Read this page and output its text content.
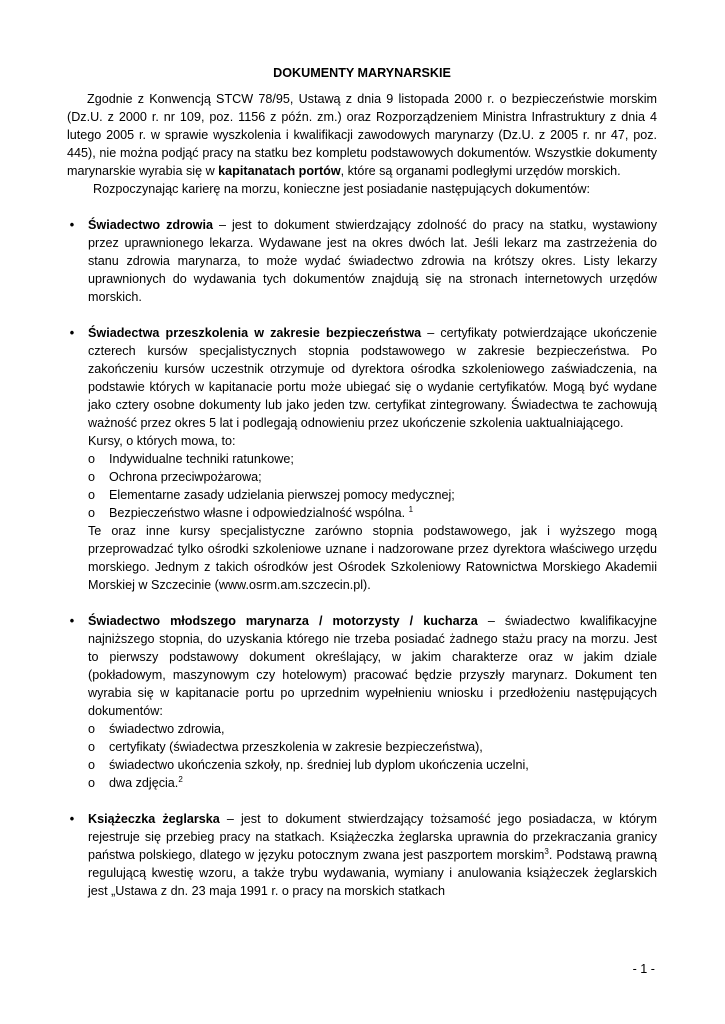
DOKUMENTY MARYNARSKIE

Zgodnie z Konwencją STCW 78/95, Ustawą z dnia 9 listopada 2000 r. o bezpieczeństwie morskim (Dz.U. z 2000 r. nr 109, poz. 1156 z późn. zm.) oraz Rozporządzeniem Ministra Infrastruktury z dnia 4 lutego 2005 r. w sprawie wyszkolenia i kwalifikacji zawodowych marynarzy (Dz.U. z 2005 r. nr 47, poz. 445), nie można podjąć pracy na statku bez kompletu podstawowych dokumentów. Wszystkie dokumenty marynarskie wyrabia się w kapitanatach portów, które są organami podległymi urzędów morskich.

Rozpoczynając karierę na morzu, konieczne jest posiadanie następujących dokumentów:

• Świadectwo zdrowia – jest to dokument stwierdzający zdolność do pracy na statku, wystawiony przez uprawnionego lekarza. Wydawane jest na okres dwóch lat. Jeśli lekarz ma zastrzeżenia do stanu zdrowia marynarza, to może wydać świadectwo zdrowia na krótszy okres. Listy lekarzy uprawnionych do wydawania tych dokumentów znajdują się na stronach internetowych urzędów morskich.
• Świadectwa przeszkolenia w zakresie bezpieczeństwa – certyfikaty potwierdzające ukończenie czterech kursów specjalistycznych stopnia podstawowego w zakresie bezpieczeństwa. Po zakończeniu kursów uczestnik otrzymuje od dyrektora ośrodka szkoleniowego zaświadczenia, na podstawie których w kapitanacie portu może ubiegać się o wydanie certyfikatów. Mogą być wydane jako cztery osobne dokumenty lub jako jeden tzw. certyfikat zintegrowany. Świadectwa te zachowują ważność przez okres 5 lat i podlegają odnowieniu przez ukończenie szkolenia uaktualniającego.

Kursy, o których mowa, to:

o Indywidualne techniki ratunkowe;
o Ochrona przeciwpożarowa;
o Elementarne zasady udzielania pierwszej pomocy medycznej;
o Bezpieczeństwo własne i odpowiedzialność wspólna. $^1$

Te oraz inne kursy specjalistyczne zarówno stopnia podstawowego, jak i wyższego mogą przeprowadzać tylko ośrodki szkoleniowe uznane i nadzorowane przez dyrektora właściwego urzędu morskiego. Jednym z takich ośrodków jest Ośrodek Szkoleniowy Ratownictwa Morskiego Akademii Morskiej w Szczecinie (www.osrm.am.szczecin.pl).

• Świadectwo młodszego marynarza / motorzysty / kucharza – świadectwo kwalifikacyjne najniższego stopnia, do uzyskania którego nie trzeba posiadać żadnego stażu pracy na morzu. Jest to pierwszy podstawowy dokument określający, w jakim charakterze oraz w jakim dziale (pokładowym, maszynowym czy hotelowym) pracować będzie przyszły marynarz. Dokument ten wyrabia się w kapitanacie portu po uprzednim wypełnieniu wniosku i przedłożeniu następujących dokumentów:
o świadectwo zdrowia,
o certyfikaty (świadectwa przeszkolenia w zakresie bezpieczeństwa),
o świadectwo ukończenia szkoły, np. średniej lub dyplom ukończenia uczelni,
o dwa zdjęcia.$^2$
• Książeczka żeglarska – jest to dokument stwierdzający tożsamość jego posiadacza, w którym rejestruje się przebieg pracy na statkach. Książeczka żeglarska uprawnia do przekraczania granicy państwa polskiego, dlatego w języku potocznym zwana jest paszportem morskim$^3$. Podstawą prawną regulującą kwestię wzoru, a także trybu wydawania, wymiany i anulowania książeczek żeglarskich jest „Ustawa z dn. 23 maja 1991 r. o pracy na morskich statkach
- 1 -
